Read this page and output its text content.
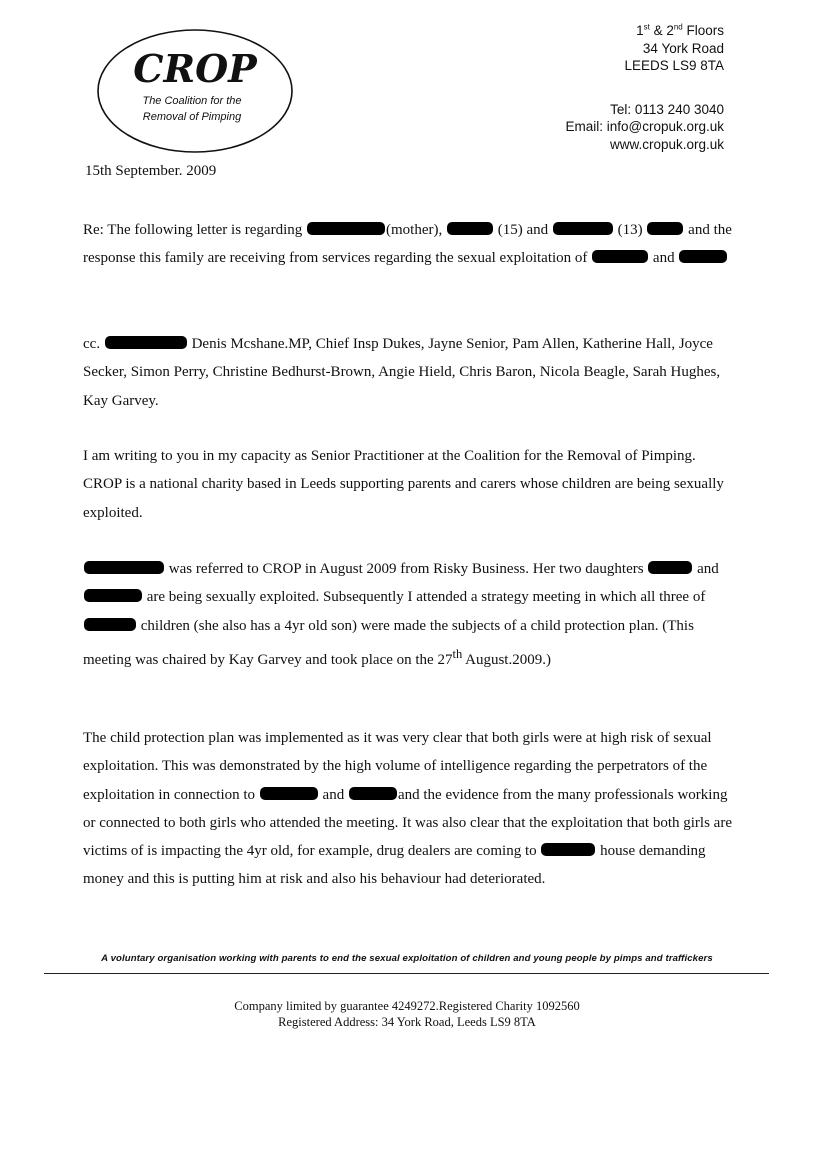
CROP
The Coalition for the
Removal of Pimping
1st & 2nd Floors
34 York Road
LEEDS LS9 8TA
Tel: 0113 240 3040
Email: info@cropuk.org.uk
www.cropuk.org.uk
15th September. 2009
Re: The following letter is regarding	(mother),	(15) and	(13)	and the response this family are receiving from services regarding the sexual exploitation of	and
cc.	Denis Mcshane.MP, Chief Insp Dukes, Jayne Senior, Pam Allen, Katherine Hall, Joyce Secker, Simon Perry, Christine Bedhurst-Brown, Angie Hield, Chris Baron, Nicola Beagle, Sarah Hughes, Kay Garvey.
I am writing to you in my capacity as Senior Practitioner at the Coalition for the Removal of Pimping. CROP is a national charity based in Leeds supporting parents and carers whose children are being sexually exploited.
was referred to CROP in August 2009 from Risky Business. Her two daughters	and  are being sexually exploited. Subsequently I attended a strategy meeting in which all three of children (she also has a 4yr old son) were made the subjects of a child protection plan. (This meeting was chaired by Kay Garvey and took place on the 27th August.2009.)
The child protection plan was implemented as it was very clear that both girls were at high risk of sexual exploitation. This was demonstrated by the high volume of intelligence regarding the perpetrators of the exploitation in connection to	and	and the evidence from the many professionals working or connected to both girls who attended the meeting. It was also clear that the exploitation that both girls are victims of is impacting the 4yr old, for example, drug dealers are coming to	house demanding money and this is putting him at risk and also his behaviour had deteriorated.
A voluntary organisation working with parents to end the sexual exploitation of children and young people by pimps and traffickers
Company limited by guarantee 4249272.Registered Charity 1092560
Registered Address: 34 York Road, Leeds LS9 8TA
